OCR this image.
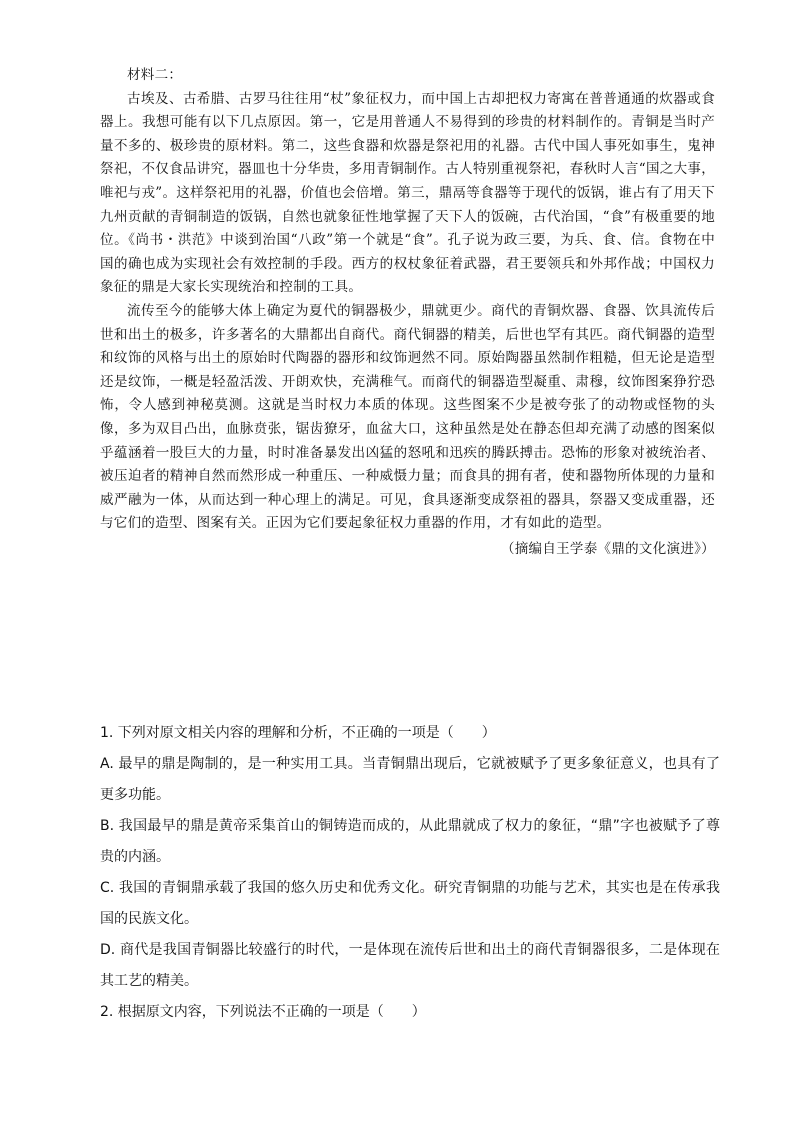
材料二：

古埃及、古希腊、古罗马往往用“杖”象征权力，而中国上古却把权力寄寓在普普通通的炊器或食器上。我想可能有以下几点原因。第一，它是用普通人不易得到的珍贵的材料制作的。青铜是当时产量不多的、极珍贵的原材料。第二，这些食器和炊器是祭祀用的礼器。古代中国人事死如事生，鬼神祭祀，不仅食品讲究，器皿也十分华贵，多用青铜制作。古人特别重视祭祀，春秋时人言“国之大事，唯祀与戎”。这样祭祀用的礼器，价值也会倍增。第三，鼎鬲等食器等于现代的饭锅，谁占有了用天下九州贡献的青铜制造的饭锅，自然也就象征性地掌握了天下人的饭碗，古代治国，“食”有极重要的地位。《尚书・洪范》中谈到治国“八政”第一个就是“食”。孔子说为政三要，为兵、食、信。食物在中国的确也成为实现社会有效控制的手段。西方的权杖象征着武器，君王要领兵和外邦作战；中国权力象征的鼎是大家长实现统治和控制的工具。

流传至今的能够大体上确定为夏代的铜器极少，鼎就更少。商代的青铜炊器、食器、饮具流传后世和出土的极多，许多著名的大鼎都出自商代。商代铜器的精美，后世也罕有其匹。商代铜器的造型和纹饰的风格与出土的原始时代陶器的器形和纹饰迥然不同。原始陶器虽然制作粗糙，但无论是造型还是纹饰，一概是轻盈活泼、开朗欢快，充满稚气。而商代的铜器造型凝重、肃穆，纹饰图案狰狞恐怖，令人感到神秘莫测。这就是当时权力本质的体现。这些图案不少是被夸张了的动物或怪物的头像，多为双目凸出，血脉贲张，锯齿獠牙，血盆大口，这种虽然是处在静态但却充满了动感的图案似乎蕴涵着一股巨大的力量，时时准备暴发出凶猛的怒吼和迅疾的腾跃搏击。恐怖的形象对被统治者、被压迫者的精神自然而然形成一种重压、一种威慑力量；而食具的拥有者，使和器物所体现的力量和威严融为一体，从而达到一种心理上的满足。可见，食具逐渐变成祭祖的器具，祭器又变成重器，还与它们的造型、图案有关。正因为它们要起象征权力重器的作用，才有如此的造型。

（摘编自王学泰《鼎的文化演进》）

1. 下列对原文相关内容的理解和分析，不正确的一项是（　　）

A. 最早的鼎是陶制的，是一种实用工具。当青铜鼎出现后，它就被赋予了更多象征意义，也具有了更多功能。

B. 我国最早的鼎是黄帝采集首山的铜铸造而成的，从此鼎就成了权力的象征，“鼎”字也被赋予了尊贵的内涵。

C. 我国的青铜鼎承载了我国的悠久历史和优秀文化。研究青铜鼎的功能与艺术，其实也是在传承我国的民族文化。

D. 商代是我国青铜器比较盛行的时代，一是体现在流传后世和出土的商代青铜器很多，二是体现在其工艺的精美。

2. 根据原文内容，下列说法不正确的一项是（　　）
